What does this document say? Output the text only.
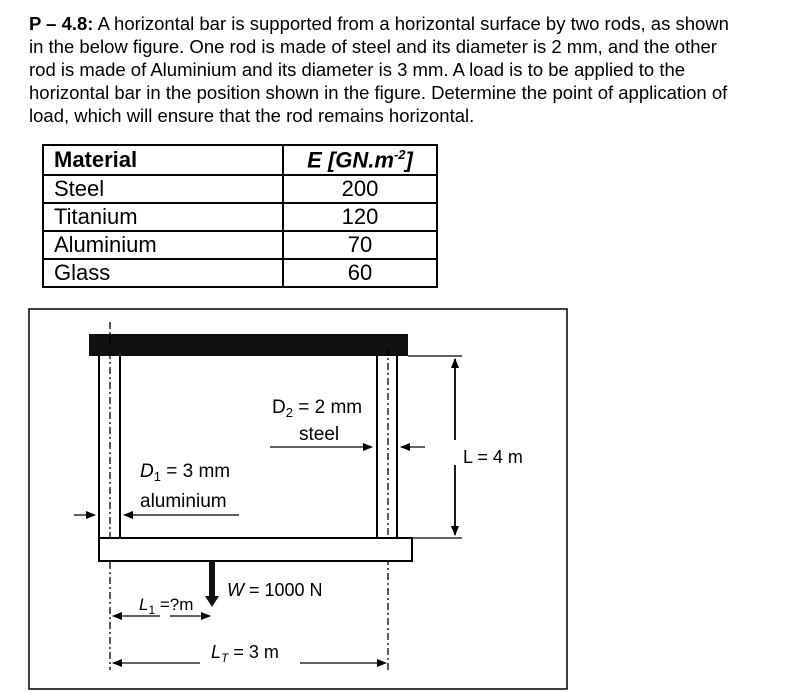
P – 4.8: A horizontal bar is supported from a horizontal surface by two rods, as shown
in the below figure. One rod is made of steel and its diameter is 2 mm, and the other
rod is made of Aluminium and its diameter is 3 mm. A load is to be applied to the
horizontal bar in the position shown in the figure. Determine the point of application of
load, which will ensure that the rod remains horizontal.
Material	E $[GN.m^{-2}]$
Steel	200
Titanium	120
Aluminium	70
Glass	60
$D_2 = 2$ mm
steel
$D_1 = 3$ mm
aluminium
L = 4 m
W = 1000 N
$L_1$ =?m
$L_T = 3$ m
